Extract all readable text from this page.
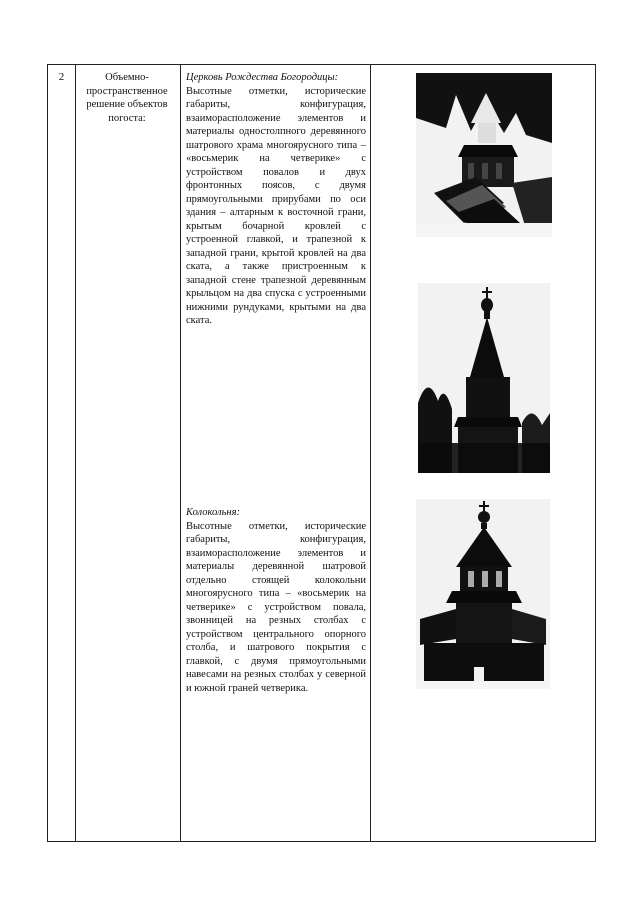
2	Объемно-пространственное решение объектов погоста:
Церковь Рождества Богородицы:
Высотные отметки, исторические габариты, конфигурация, взаиморасположение элементов и материалы одностолпного деревянного шатрового храма многоярусного типа – «восьмерик на четверике» с устройством повалов и двух фронтонных поясов, с двумя прямоугольными прирубами по оси здания – алтарным к восточной грани, крытым бочарной кровлей с устроенной главкой, и трапезной к западной грани, крытой кровлей на два ската, а также пристроенным к западной стене трапезной деревянным крыльцом на два спуска с устроенными нижними рундуками, крытыми на два ската.
Колокольня:
Высотные отметки, исторические габариты, конфигурация, взаиморасположение элементов и материалы деревянной шатровой отдельно стоящей колокольни многоярусного типа – «восьмерик на четверике» с устройством повала, звонницей на резных столбах с устройством центрального опорного столба, и шатрового покрытия с главкой, с двумя прямоугольными навесами на резных столбах у северной и южной граней четверика.
